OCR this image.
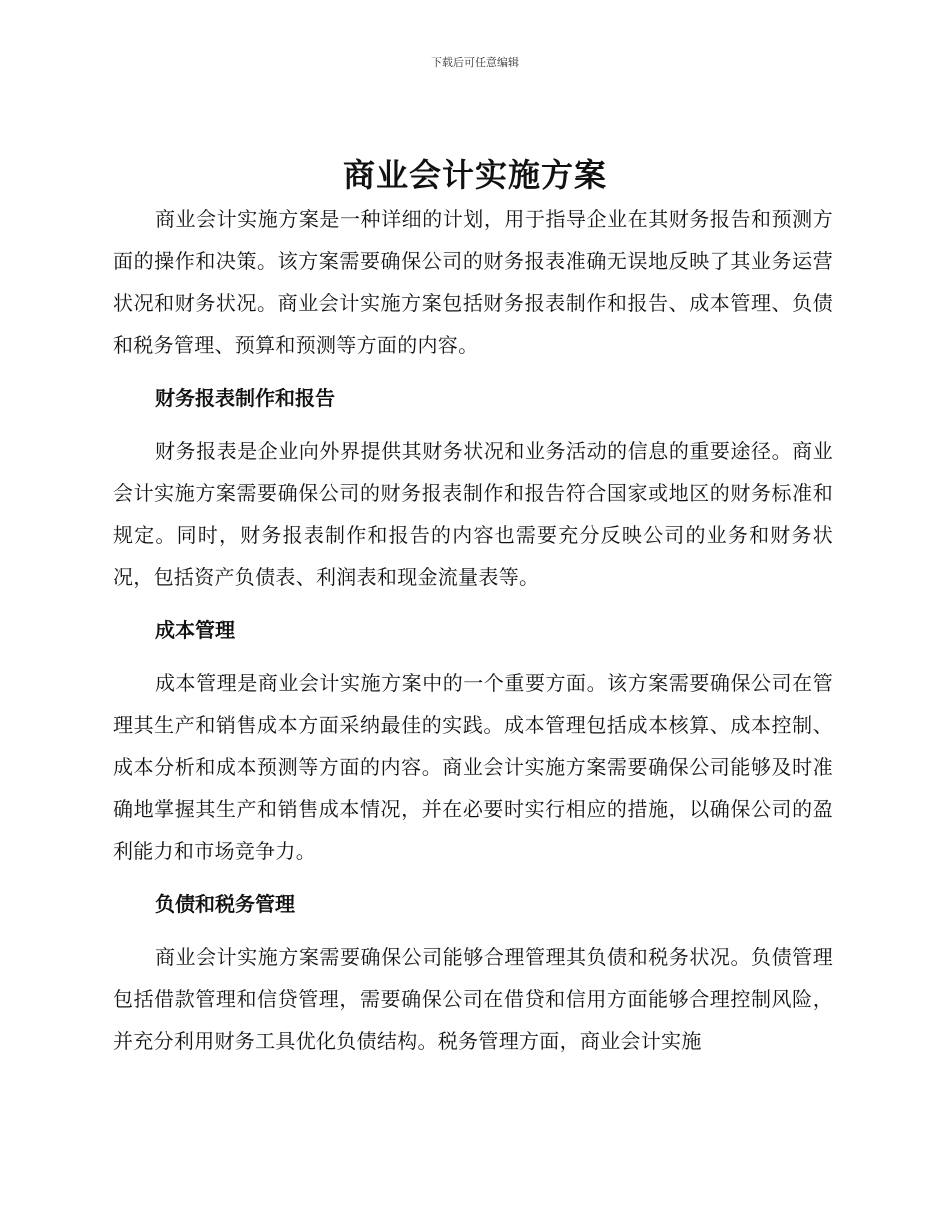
下载后可任意编辑
商业会计实施方案

商业会计实施方案是一种详细的计划，用于指导企业在其财务报告和预测方面的操作和决策。该方案需要确保公司的财务报表准确无误地反映了其业务运营状况和财务状况。商业会计实施方案包括财务报表制作和报告、成本管理、负债和税务管理、预算和预测等方面的内容。

财务报表制作和报告

财务报表是企业向外界提供其财务状况和业务活动的信息的重要途径。商业会计实施方案需要确保公司的财务报表制作和报告符合国家或地区的财务标准和规定。同时，财务报表制作和报告的内容也需要充分反映公司的业务和财务状况，包括资产负债表、利润表和现金流量表等。

成本管理

成本管理是商业会计实施方案中的一个重要方面。该方案需要确保公司在管理其生产和销售成本方面采纳最佳的实践。成本管理包括成本核算、成本控制、成本分析和成本预测等方面的内容。商业会计实施方案需要确保公司能够及时准确地掌握其生产和销售成本情况，并在必要时实行相应的措施，以确保公司的盈利能力和市场竞争力。

负债和税务管理

商业会计实施方案需要确保公司能够合理管理其负债和税务状况。负债管理包括借款管理和信贷管理，需要确保公司在借贷和信用方面能够合理控制风险，并充分利用财务工具优化负债结构。税务管理方面，商业会计实施
